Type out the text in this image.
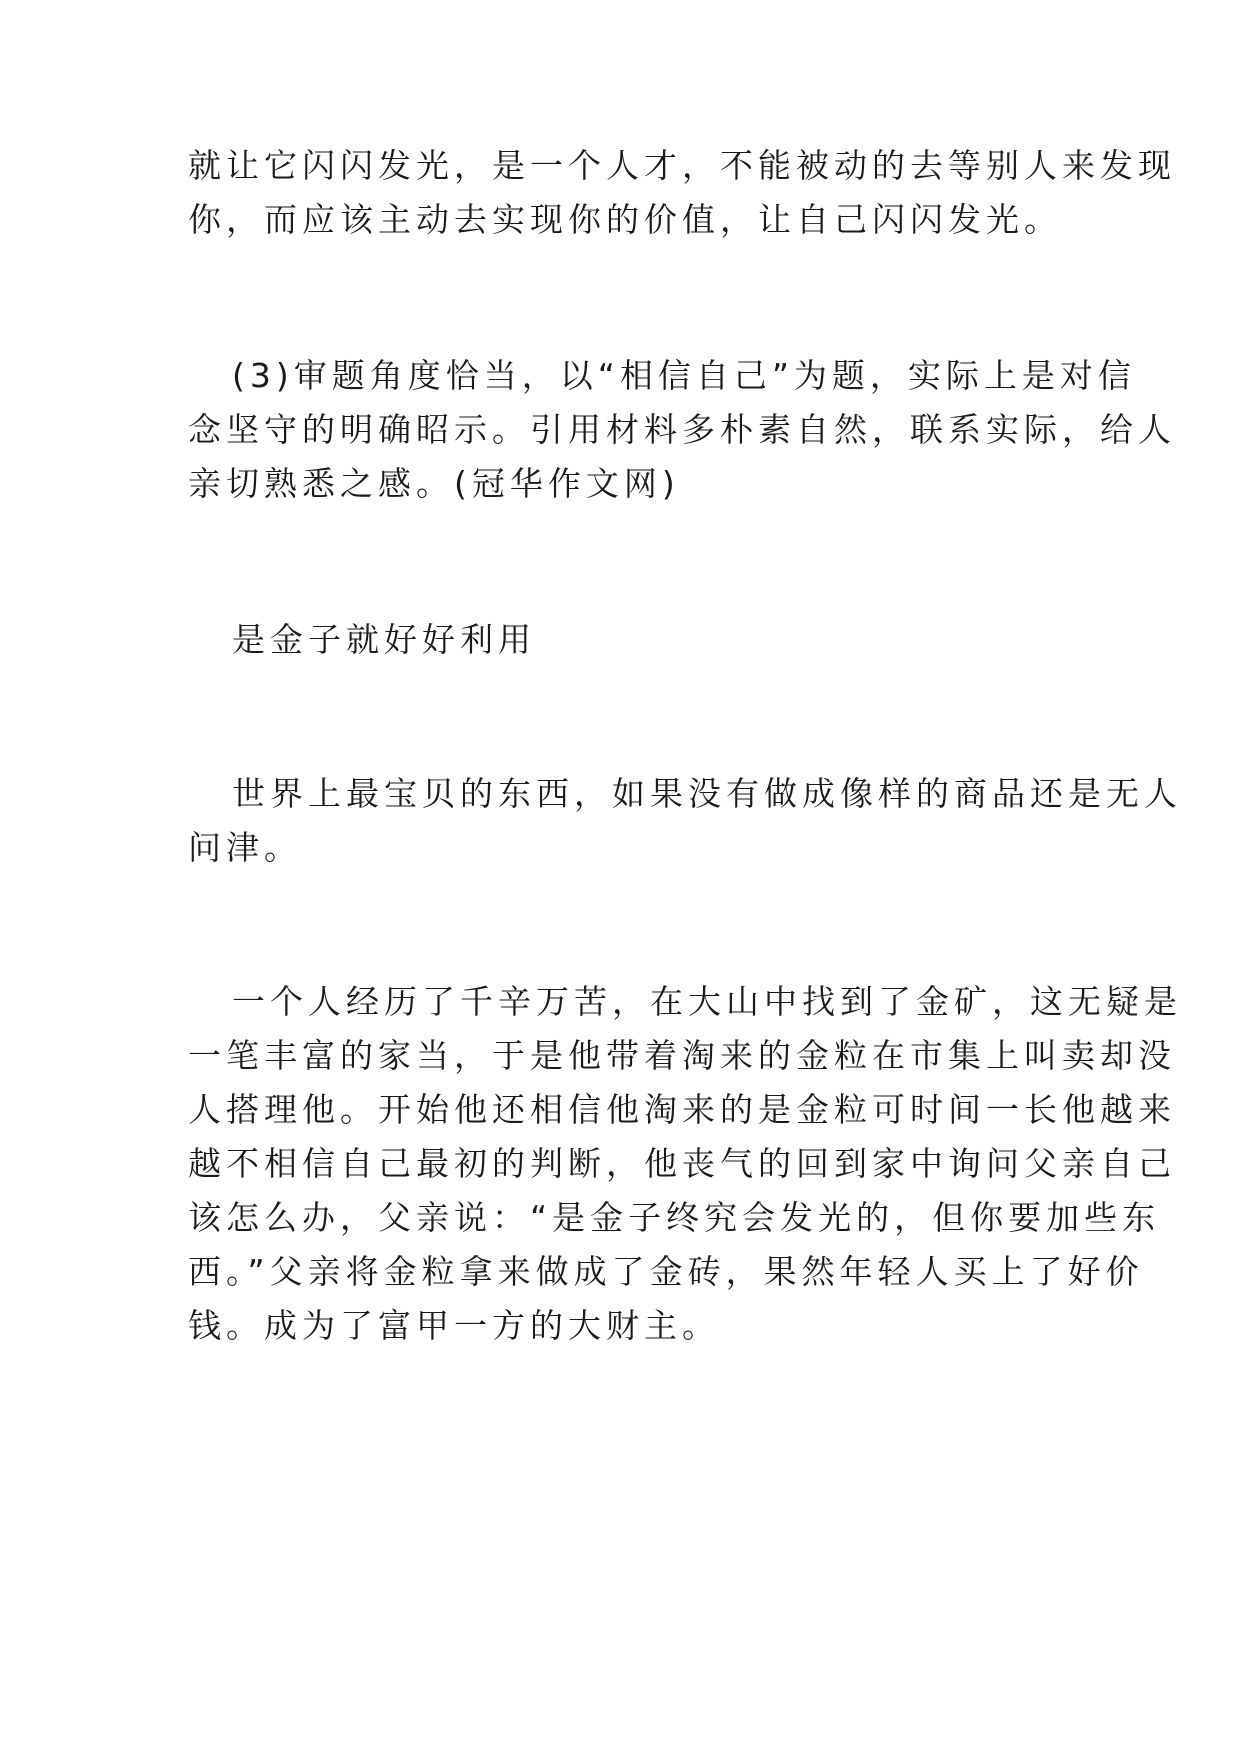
就让它闪闪发光，是一个人才，不能被动的去等别人来发现

你，而应该主动去实现你的价值，让自己闪闪发光。

(3)审题角度恰当，以“相信自己”为题，实际上是对信

念坚守的明确昭示。引用材料多朴素自然，联系实际，给人

亲切熟悉之感。(冠华作文网)

是金子就好好利用

世界上最宝贝的东西，如果没有做成像样的商品还是无人

问津。

一个人经历了千辛万苦，在大山中找到了金矿，这无疑是

一笔丰富的家当，于是他带着淘来的金粒在市集上叫卖却没

人搭理他。开始他还相信他淘来的是金粒可时间一长他越来

越不相信自己最初的判断，他丧气的回到家中询问父亲自己

该怎么办，父亲说：“是金子终究会发光的，但你要加些东

西。”父亲将金粒拿来做成了金砖，果然年轻人买上了好价

钱。成为了富甲一方的大财主。
